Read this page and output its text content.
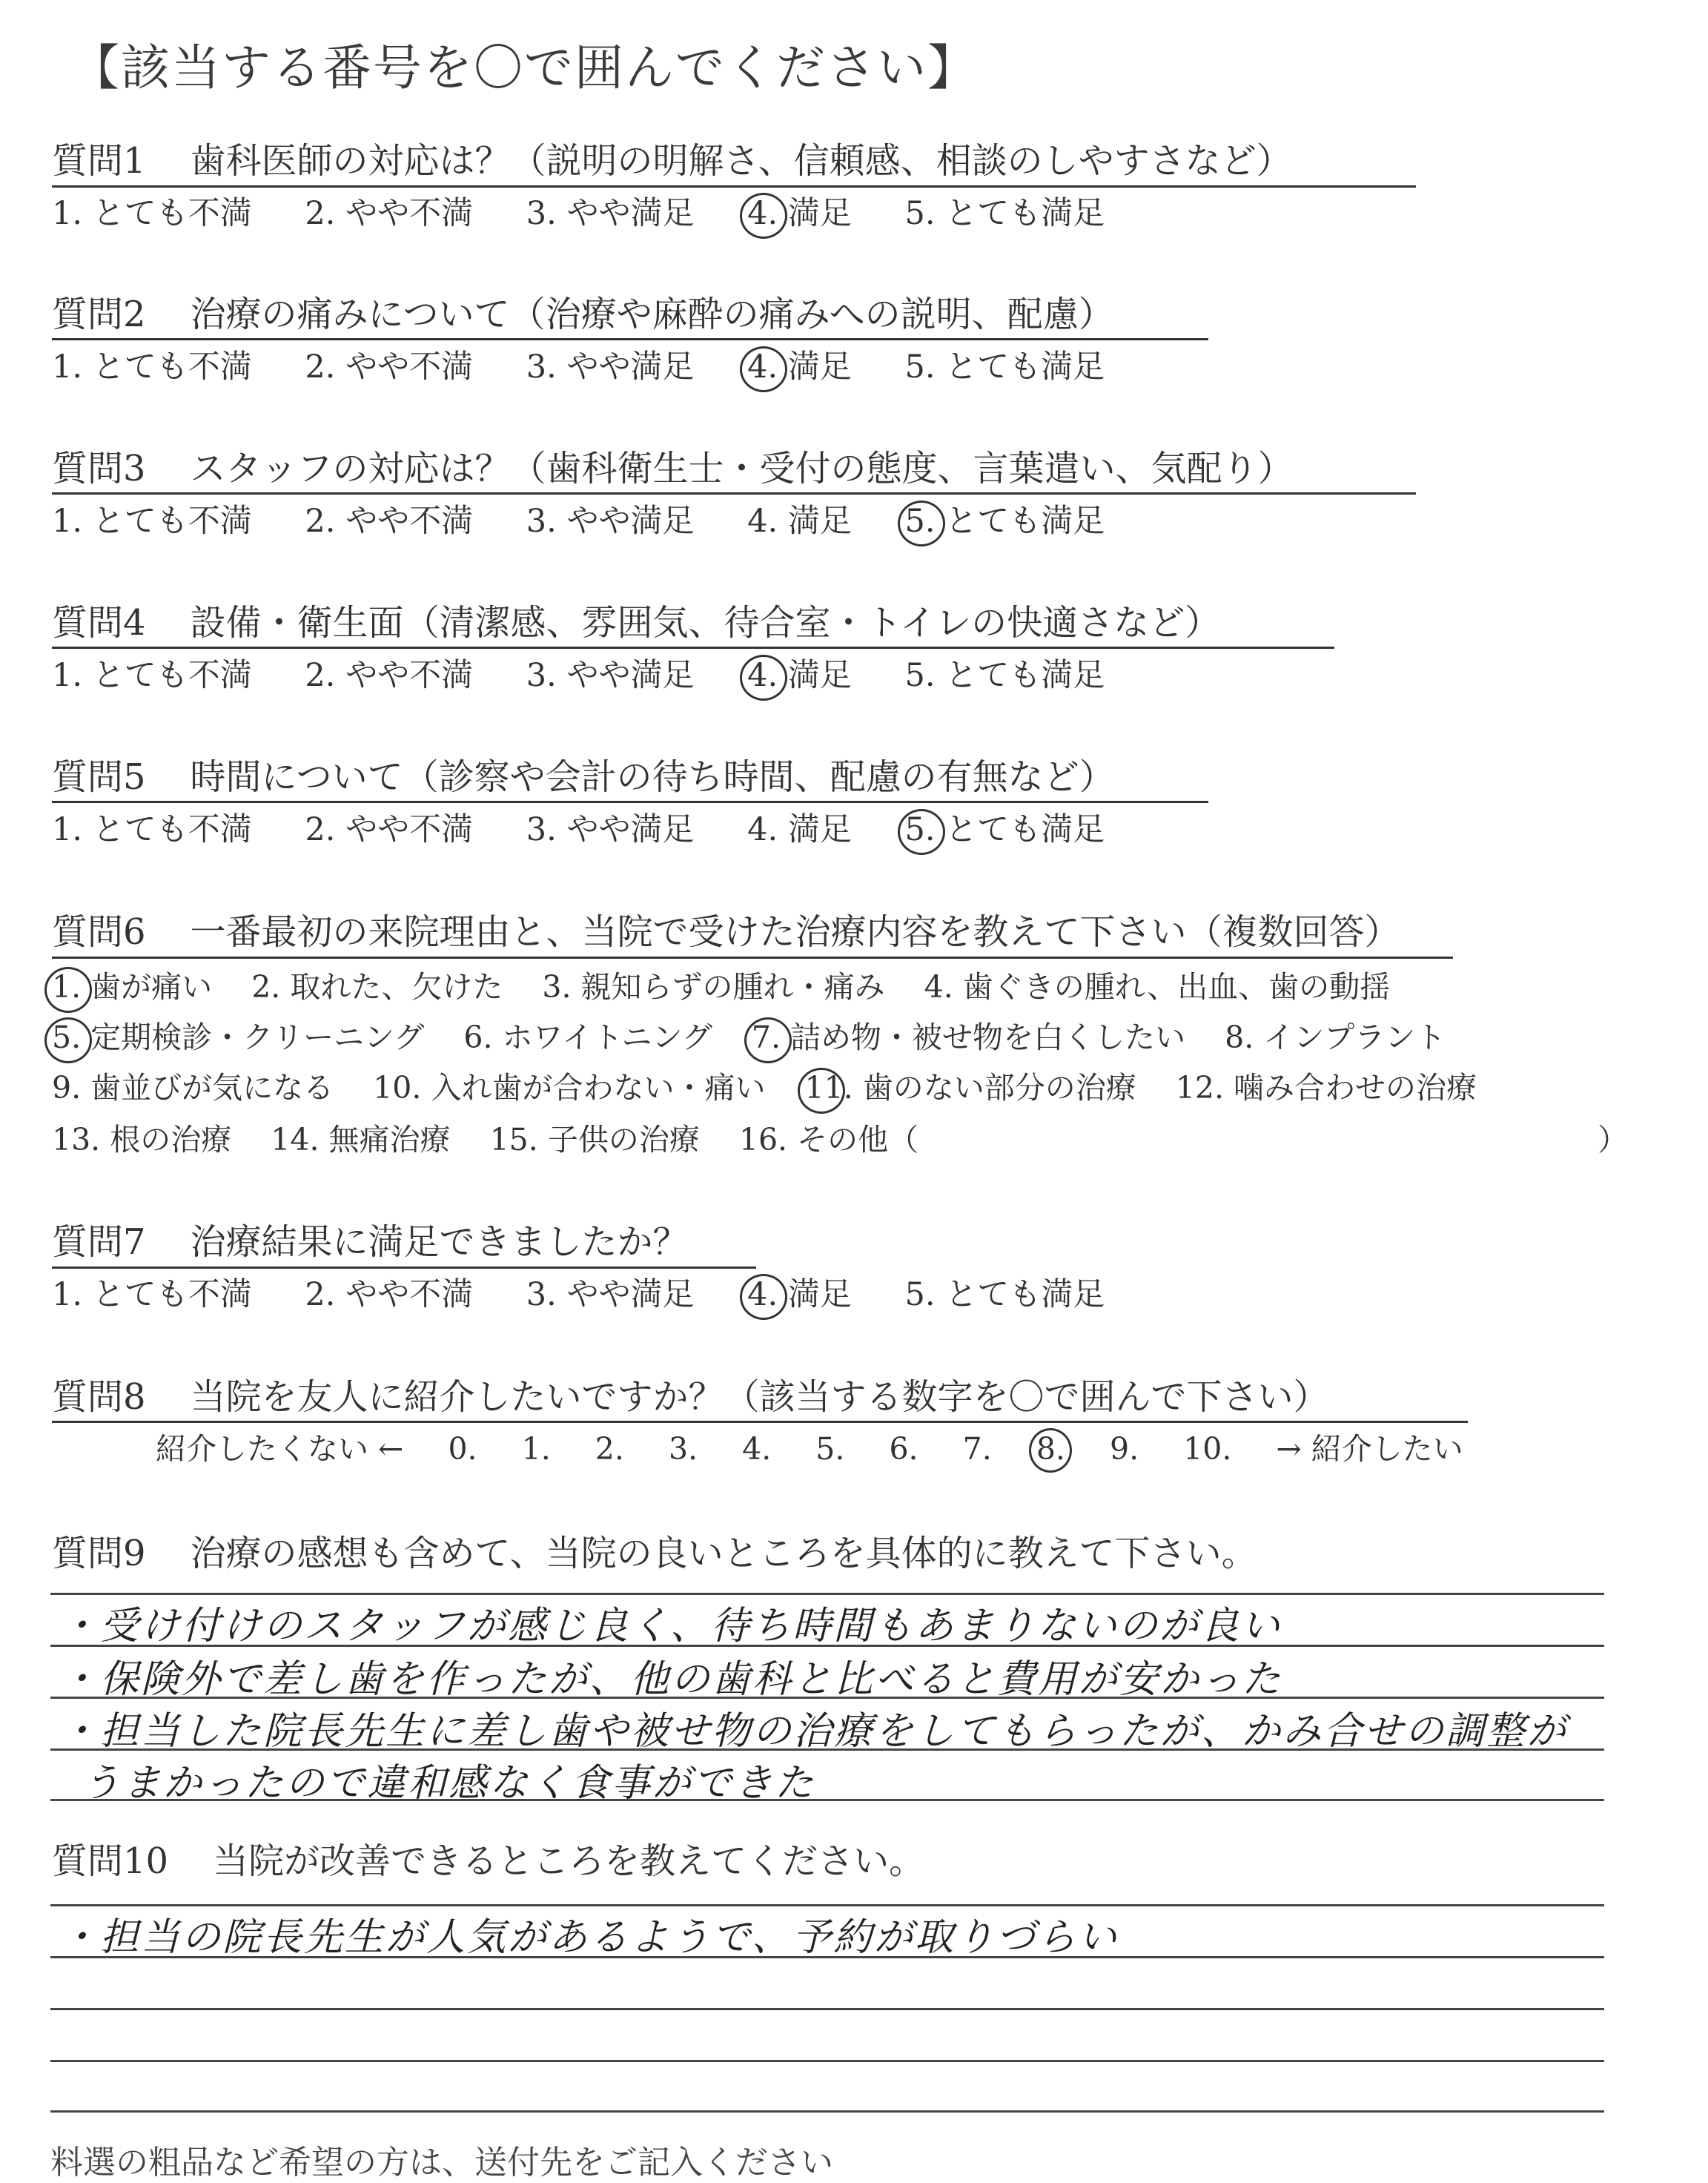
【該当する番号を〇で囲んでください】
質問1 歯科医師の対応は？（説明の明解さ、信頼感、相談のしやすさなど）
1. とても不満 2. やや不満 3. やや満足 4. 満足 5. とても満足
質問2 治療の痛みについて（治療や麻酔の痛みへの説明、配慮）
1. とても不満 2. やや不満 3. やや満足 4. 満足 5. とても満足
質問3 スタッフの対応は？（歯科衛生士・受付の態度、言葉遣い、気配り）
1. とても不満 2. やや不満 3. やや満足 4. 満足 5. とても満足
質問4 設備・衛生面（清潔感、雰囲気、待合室・トイレの快適さなど）
1. とても不満 2. やや不満 3. やや満足 4. 満足 5. とても満足
質問5 時間について（診察や会計の待ち時間、配慮の有無など）
1. とても不満 2. やや不満 3. やや満足 4. 満足 5. とても満足
質問6 一番最初の来院理由と、当院で受けた治療内容を教えて下さい（複数回答）
1. 歯が痛い 2. 取れた、欠けた 3. 親知らずの腫れ・痛み 4. 歯ぐきの腫れ、出血、歯の動揺
5. 定期検診・クリーニング 6. ホワイトニング 7. 詰め物・被せ物を白くしたい 8. インプラント
9. 歯並びが気になる 10. 入れ歯が合わない・痛い 11. 歯のない部分の治療 12. 噛み合わせの治療
13. 根の治療 14. 無痛治療 15. 子供の治療 16. その他（	）
質問7 治療結果に満足できましたか？
1. とても不満 2. やや不満 3. やや満足 4. 満足 5. とても満足
質問8 当院を友人に紹介したいですか？（該当する数字を〇で囲んで下さい）
紹介したくない ← 0. 1. 2. 3. 4. 5. 6. 7. 8. 9. 10. → 紹介したい
質問9 治療の感想も含めて、当院の良いところを具体的に教えて下さい。
・受け付けのスタッフが感じ良く、待ち時間もあまりないのが良い
・保険外で差し歯を作ったが、他の歯科と比べると費用が安かった
・担当した院長先生に差し歯や被せ物の治療をしてもらったが、かみ合せの調整が
うまかったので違和感なく食事ができた
質問10 当院が改善できるところを教えてください。
・担当の院長先生が人気があるようで、予約が取りづらい
料選の粗品など希望の方は、送付先をご記入ください
